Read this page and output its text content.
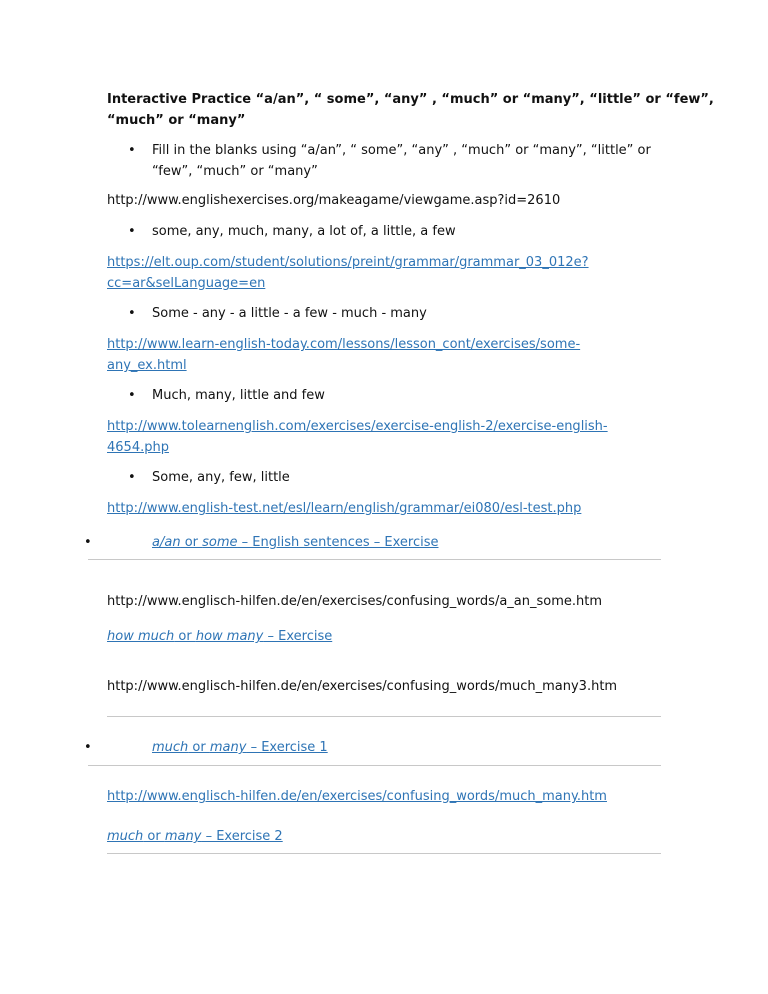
Interactive Practice “a/an”, “ some”, “any” , “much” or “many”, “little” or “few”,
“much” or “many”
• Fill in the blanks using “a/an”, “ some”, “any” , “much” or “many”, “little” or
“few”, “much” or “many”
http://www.englishexercises.org/makeagame/viewgame.asp?id=2610
• some, any, much, many, a lot of, a little, a few
https://elt.oup.com/student/solutions/preint/grammar/grammar_03_012e?
cc=ar&selLanguage=en
• Some - any - a little - a few - much - many
http://www.learn-english-today.com/lessons/lesson_cont/exercises/some-
any_ex.html
• Much, many, little and few
http://www.tolearnenglish.com/exercises/exercise-english-2/exercise-english-
4654.php
• Some, any, few, little
http://www.english-test.net/esl/learn/english/grammar/ei080/esl-test.php
•	a/an or some – English sentences – Exercise
http://www.englisch-hilfen.de/en/exercises/confusing_words/a_an_some.htm
how much or how many – Exercise
http://www.englisch-hilfen.de/en/exercises/confusing_words/much_many3.htm
•	much or many – Exercise 1
http://www.englisch-hilfen.de/en/exercises/confusing_words/much_many.htm
much or many – Exercise 2
